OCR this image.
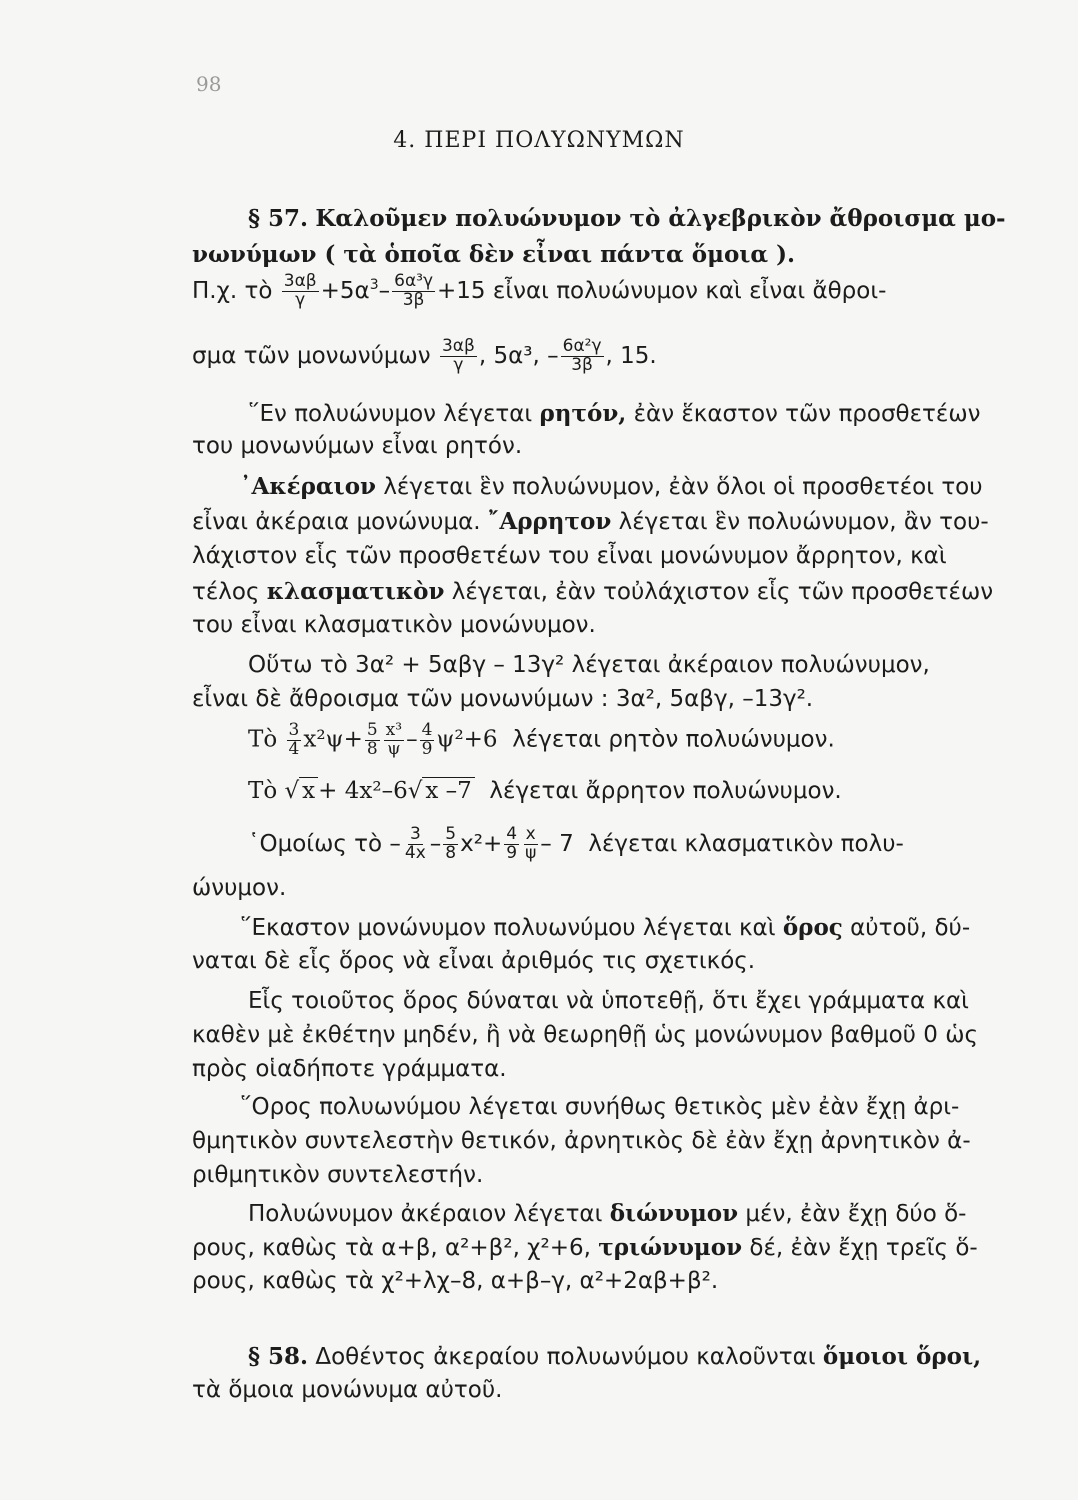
98
4. ΠΕΡΙ ΠΟΛΥΩΝΥΜΩΝ
§ 57. Καλοῦμεν πολυώνυμον τὸ ἀλγεβρικὸν ἄθροισμα μο-
νωνύμων ( τὰ ὁποῖα δὲν εἶναι πάντα ὅμοια ).
Π.χ. τὸ $\frac{3\alpha\beta}{\gamma} +5\alpha^3- \frac{\text{6α³γ}}{3\beta} +15$ εἶναι πολυώνυμον καὶ εἶναι ἄθροι-
σμα τῶν μονωνύμων $\frac{3\alpha\beta}{\gamma}$ , 5α³, – $\frac{\text{6α²γ}}{3\beta}$ , 15.
῞Εν πολυώνυμον λέγεται ρητόν, ἐὰν ἕκαστον τῶν προσθετέων
του μονωνύμων εἶναι ρητόν.
᾿Ακέραιον λέγεται ἓν πολυώνυμον, ἐὰν ὅλοι οἱ προσθετέοι του
εἶναι ἀκέραια μονώνυμα. ῎Αρρητον λέγεται ἓν πολυώνυμον, ἂν του-
λάχιστον εἷς τῶν προσθετέων του εἶναι μονώνυμον ἄρρητον, καὶ
τέλος κλασματικὸν λέγεται, ἐὰν τοὐλάχιστον εἷς τῶν προσθετέων
του εἶναι κλασματικὸν μονώνυμον.
Οὕτω τὸ 3α² + 5αβγ – 13γ² λέγεται ἀκέραιον πολυώνυμον,
εἶναι δὲ ἄθροισμα τῶν μονωνύμων : 3α², 5αβγ, –13γ².
Τὸ $\frac{3}{4} x^2\psi+ \frac{5}{8} \frac{\text{x³}}{\psi} - \frac{4}{9} \psi^2+6$ λέγεται ρητὸν πολυώνυμον.
Τὸ √ x + 4x²–6√ x –7 λέγεται ἄρρητον πολυώνυμον.
῾Ομοίως τὸ – $\frac{3}{4x} - \frac{5}{8} x^2+ \frac{4}{9} \frac{x}{\psi} - 7$ λέγεται κλασματικὸν πολυ-
ώνυμον.
῞Εκαστον μονώνυμον πολυωνύμου λέγεται καὶ ὅρος αὐτοῦ, δύ-
ναται δὲ εἷς ὅρος νὰ εἶναι ἀριθμός τις σχετικός.
Εἷς τοιοῦτος ὅρος δύναται νὰ ὑποτεθῇ, ὅτι ἔχει γράμματα καὶ
καθὲν μὲ ἐκθέτην μηδέν, ἢ νὰ θεωρηθῇ ὡς μονώνυμον βαθμοῦ 0 ὡς
πρὸς οἱαδήποτε γράμματα.
῞Ορος πολυωνύμου λέγεται συνήθως θετικὸς μὲν ἐὰν ἔχῃ ἀρι-
θμητικὸν συντελεστὴν θετικόν, ἀρνητικὸς δὲ ἐὰν ἔχῃ ἀρνητικὸν ἀ-
ριθμητικὸν συντελεστήν.
Πολυώνυμον ἀκέραιον λέγεται διώνυμον μέν, ἐὰν ἔχῃ δύο ὅ-
ρους, καθὼς τὰ α+β, α²+β², χ²+6, τριώνυμον δέ, ἐὰν ἔχῃ τρεῖς ὅ-
ρους, καθὼς τὰ χ²+λχ–8, α+β–γ, α²+2αβ+β².
§ 58. Δοθέντος ἀκεραίου πολυωνύμου καλοῦνται ὅμοιοι ὅροι,
τὰ ὅμοια μονώνυμα αὐτοῦ.
